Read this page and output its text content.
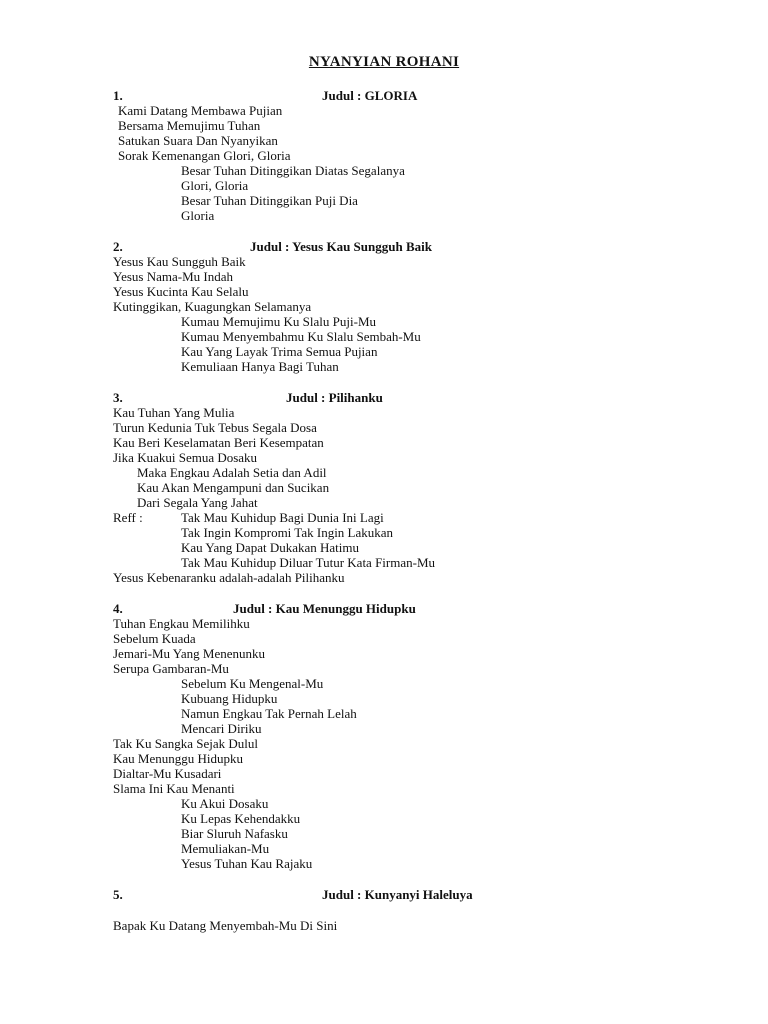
NYANYIAN ROHANI
1.	Judul : GLORIA
Kami Datang Membawa Pujian
Bersama Memujimu Tuhan
Satukan Suara Dan Nyanyikan
Sorak Kemenangan Glori, Gloria
Besar Tuhan Ditinggikan Diatas Segalanya
Glori, Gloria
Besar Tuhan Ditinggikan Puji Dia
Gloria
2.	Judul : Yesus Kau Sungguh Baik
Yesus Kau Sungguh Baik
Yesus Nama-Mu Indah
Yesus Kucinta Kau Selalu
Kutinggikan, Kuagungkan Selamanya
Kumau Memujimu Ku Slalu Puji-Mu
Kumau Menyembahmu Ku Slalu Sembah-Mu
Kau Yang Layak Trima Semua Pujian
Kemuliaan Hanya Bagi Tuhan
3.	Judul : Pilihanku
Kau Tuhan Yang Mulia
Turun Kedunia Tuk Tebus Segala Dosa
Kau Beri Keselamatan Beri Kesempatan
Jika Kuakui Semua Dosaku
Maka Engkau Adalah Setia dan Adil
Kau Akan Mengampuni dan Sucikan
Dari Segala Yang Jahat
Reff :	Tak Mau Kuhidup Bagi Dunia Ini Lagi
Tak Ingin Kompromi Tak Ingin Lakukan
Kau Yang Dapat Dukakan Hatimu
Tak Mau Kuhidup Diluar Tutur Kata Firman-Mu
Yesus Kebenaranku adalah-adalah Pilihanku
4.	Judul : Kau Menunggu Hidupku
Tuhan Engkau Memilihku
Sebelum Kuada
Jemari-Mu Yang Menenunku
Serupa Gambaran-Mu
Sebelum Ku Mengenal-Mu
Kubuang Hidupku
Namun Engkau Tak Pernah Lelah
Mencari Diriku
Tak Ku Sangka Sejak Dulul
Kau Menunggu Hidupku
Dialtar-Mu Kusadari
Slama Ini Kau Menanti
Ku Akui Dosaku
Ku Lepas Kehendakku
Biar Sluruh Nafasku
Memuliakan-Mu
Yesus Tuhan Kau Rajaku
5.	Judul : Kunyanyi Haleluya
Bapak Ku Datang Menyembah-Mu Di Sini
